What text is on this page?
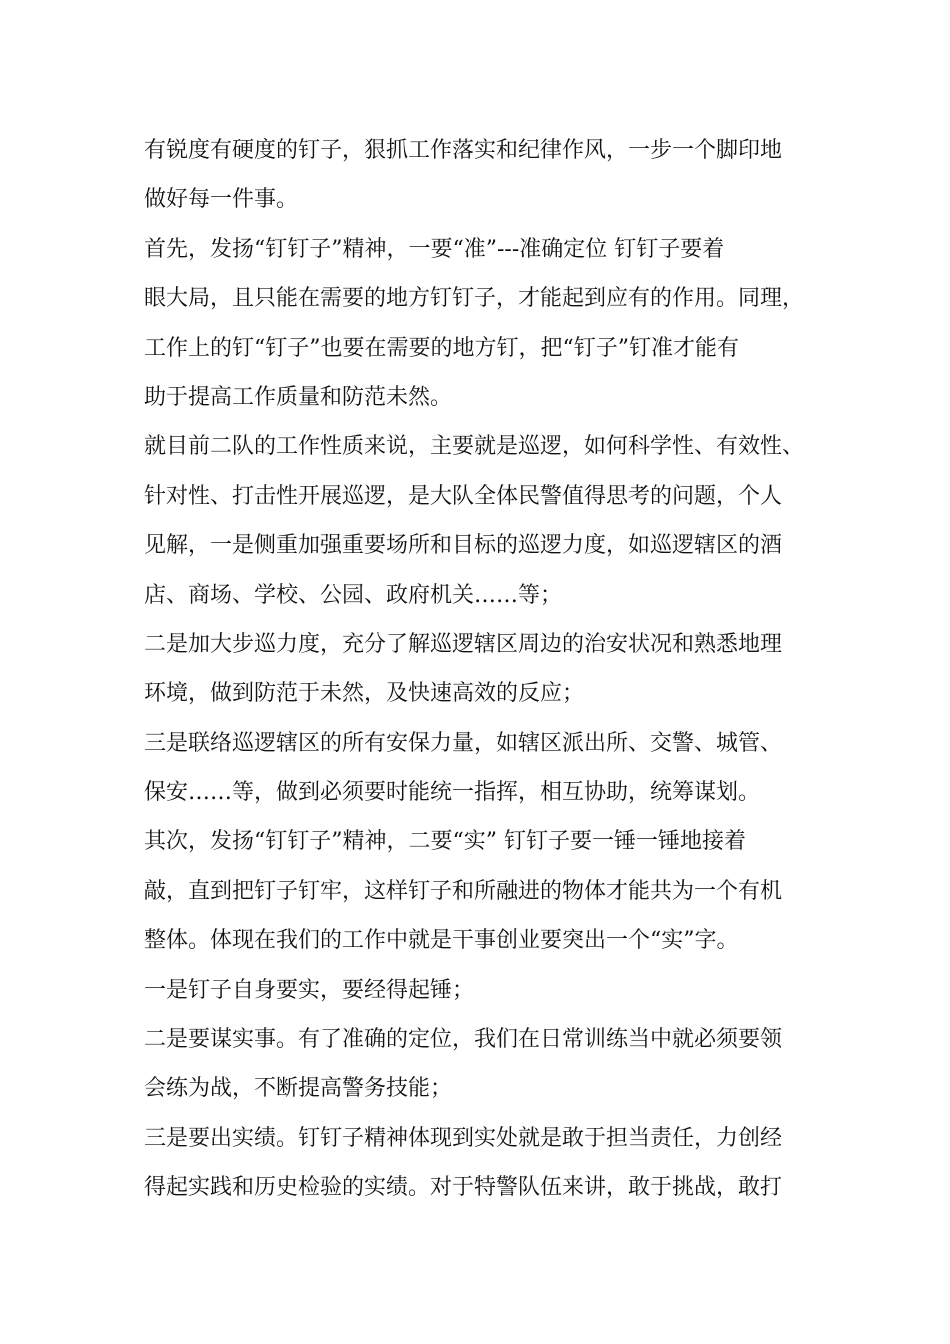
有锐度有硬度的钉子，狠抓工作落实和纪律作风，一步一个脚印地
做好每一件事。
首先，发扬“钉钉子”精神，一要“准”---准确定位 钉钉子要着
眼大局，且只能在需要的地方钉钉子，才能起到应有的作用。同理，
工作上的钉“钉子”也要在需要的地方钉，把“钉子”钉准才能有
助于提高工作质量和防范未然。
就目前二队的工作性质来说，主要就是巡逻，如何科学性、有效性、
针对性、打击性开展巡逻，是大队全体民警值得思考的问题，个人
见解，一是侧重加强重要场所和目标的巡逻力度，如巡逻辖区的酒
店、商场、学校、公园、政府机关……等；
二是加大步巡力度，充分了解巡逻辖区周边的治安状况和熟悉地理
环境，做到防范于未然，及快速高效的反应；
三是联络巡逻辖区的所有安保力量，如辖区派出所、交警、城管、
保安……等，做到必须要时能统一指挥，相互协助，统筹谋划。
其次，发扬“钉钉子”精神，二要“实” 钉钉子要一锤一锤地接着
敲，直到把钉子钉牢，这样钉子和所融进的物体才能共为一个有机
整体。体现在我们的工作中就是干事创业要突出一个“实”字。
一是钉子自身要实，要经得起锤；
二是要谋实事。有了准确的定位，我们在日常训练当中就必须要领
会练为战，不断提高警务技能；
三是要出实绩。钉钉子精神体现到实处就是敢于担当责任，力创经
得起实践和历史检验的实绩。对于特警队伍来讲，敢于挑战，敢打
